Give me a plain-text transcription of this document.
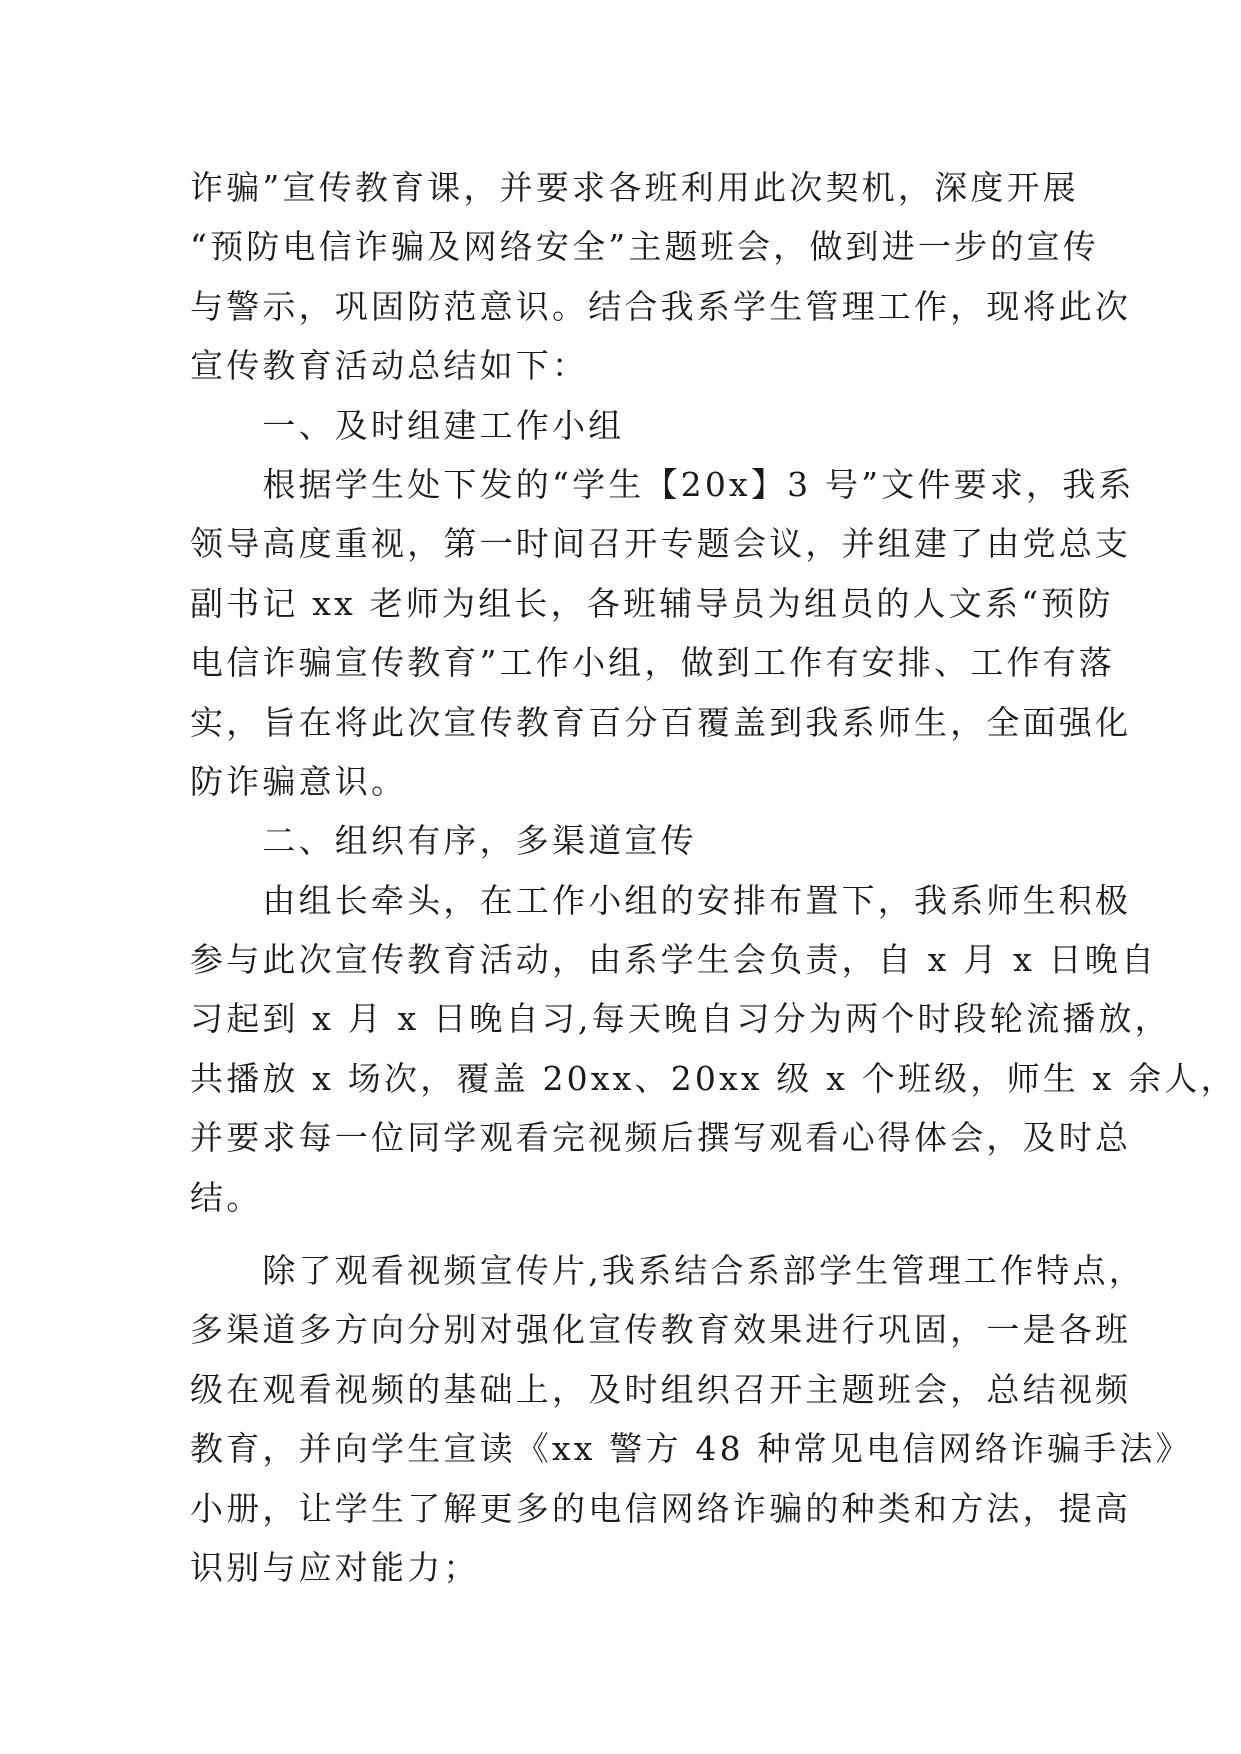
诈骗”宣传教育课，并要求各班利用此次契机，深度开展
“预防电信诈骗及网络安全”主题班会，做到进一步的宣传
与警示，巩固防范意识。结合我系学生管理工作，现将此次
宣传教育活动总结如下：
　　一、及时组建工作小组
　　根据学生处下发的“学生【20x】3 号”文件要求，我系
领导高度重视，第一时间召开专题会议，并组建了由党总支
副书记 xx 老师为组长，各班辅导员为组员的人文系“预防
电信诈骗宣传教育”工作小组，做到工作有安排、工作有落
实，旨在将此次宣传教育百分百覆盖到我系师生，全面强化
防诈骗意识。
　　二、组织有序，多渠道宣传
　　由组长牵头，在工作小组的安排布置下，我系师生积极
参与此次宣传教育活动，由系学生会负责，自 x 月 x 日晚自
习起到 x 月 x 日晚自习,每天晚自习分为两个时段轮流播放，
共播放 x 场次，覆盖 20xx、20xx 级 x 个班级，师生 x 余人，
并要求每一位同学观看完视频后撰写观看心得体会，及时总
结。
　　除了观看视频宣传片,我系结合系部学生管理工作特点，
多渠道多方向分别对强化宣传教育效果进行巩固，一是各班
级在观看视频的基础上，及时组织召开主题班会，总结视频
教育，并向学生宣读《xx 警方 48 种常见电信网络诈骗手法》
小册，让学生了解更多的电信网络诈骗的种类和方法，提高
识别与应对能力；
